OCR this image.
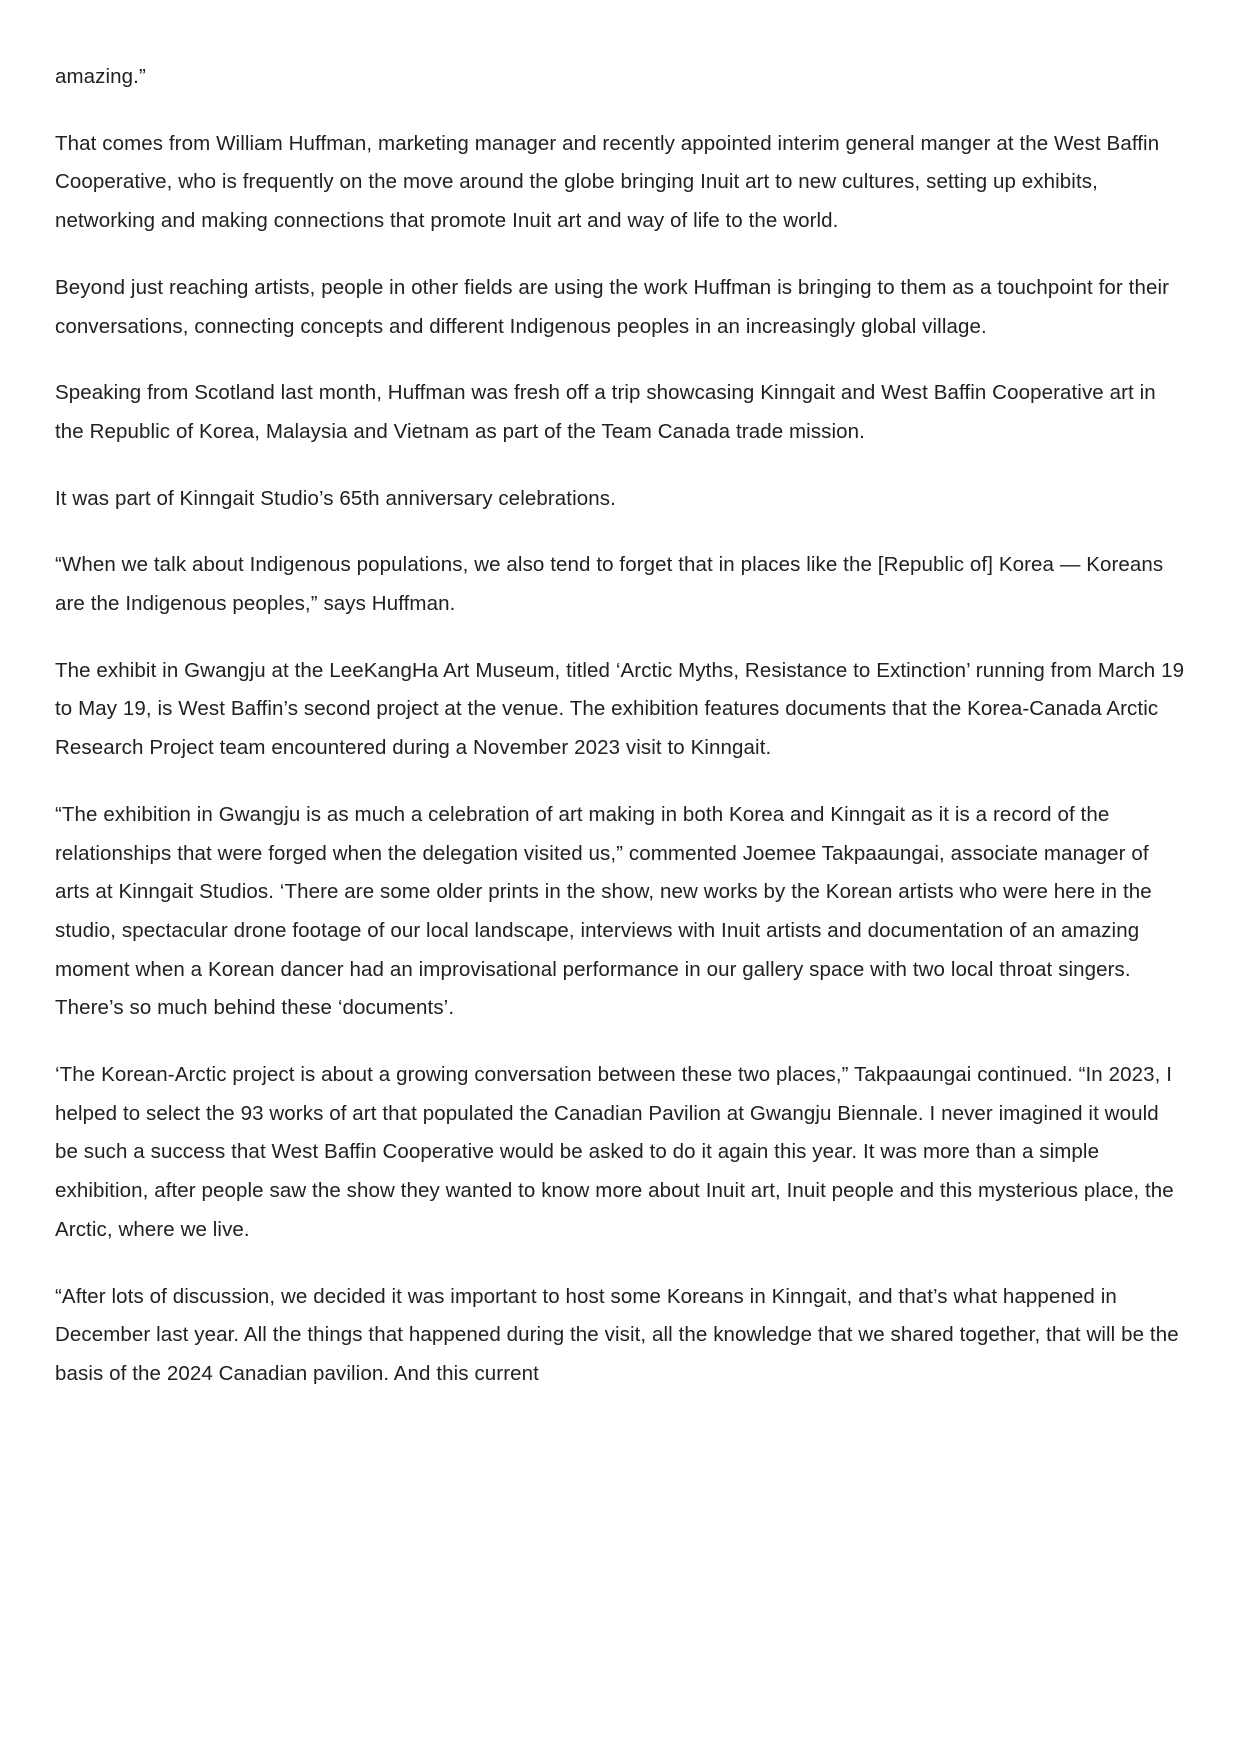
amazing.”

That comes from William Huffman, marketing manager and recently appointed interim general manger at the West Baffin Cooperative, who is frequently on the move around the globe bringing Inuit art to new cultures, setting up exhibits, networking and making connections that promote Inuit art and way of life to the world.

Beyond just reaching artists, people in other fields are using the work Huffman is bringing to them as a touchpoint for their conversations, connecting concepts and different Indigenous peoples in an increasingly global village.

Speaking from Scotland last month, Huffman was fresh off a trip showcasing Kinngait and West Baffin Cooperative art in the Republic of Korea, Malaysia and Vietnam as part of the Team Canada trade mission.

It was part of Kinngait Studio’s 65th anniversary celebrations.

“When we talk about Indigenous populations, we also tend to forget that in places like the [Republic of] Korea — Koreans are the Indigenous peoples,” says Huffman.

The exhibit in Gwangju at the LeeKangHa Art Museum, titled ‘Arctic Myths, Resistance to Extinction’ running from March 19 to May 19, is West Baffin’s second project at the venue. The exhibition features documents that the Korea-Canada Arctic Research Project team encountered during a November 2023 visit to Kinngait.

“The exhibition in Gwangju is as much a celebration of art making in both Korea and Kinngait as it is a record of the relationships that were forged when the delegation visited us,” commented Joemee Takpaaungai, associate manager of arts at Kinngait Studios. ‘There are some older prints in the show, new works by the Korean artists who were here in the studio, spectacular drone footage of our local landscape, interviews with Inuit artists and documentation of an amazing moment when a Korean dancer had an improvisational performance in our gallery space with two local throat singers. There’s so much behind these ‘documents’.

‘The Korean-Arctic project is about a growing conversation between these two places,” Takpaaungai continued. “In 2023, I helped to select the 93 works of art that populated the Canadian Pavilion at Gwangju Biennale. I never imagined it would be such a success that West Baffin Cooperative would be asked to do it again this year. It was more than a simple exhibition, after people saw the show they wanted to know more about Inuit art, Inuit people and this mysterious place, the Arctic, where we live.

“After lots of discussion, we decided it was important to host some Koreans in Kinngait, and that’s what happened in December last year. All the things that happened during the visit, all the knowledge that we shared together, that will be the basis of the 2024 Canadian pavilion. And this current
